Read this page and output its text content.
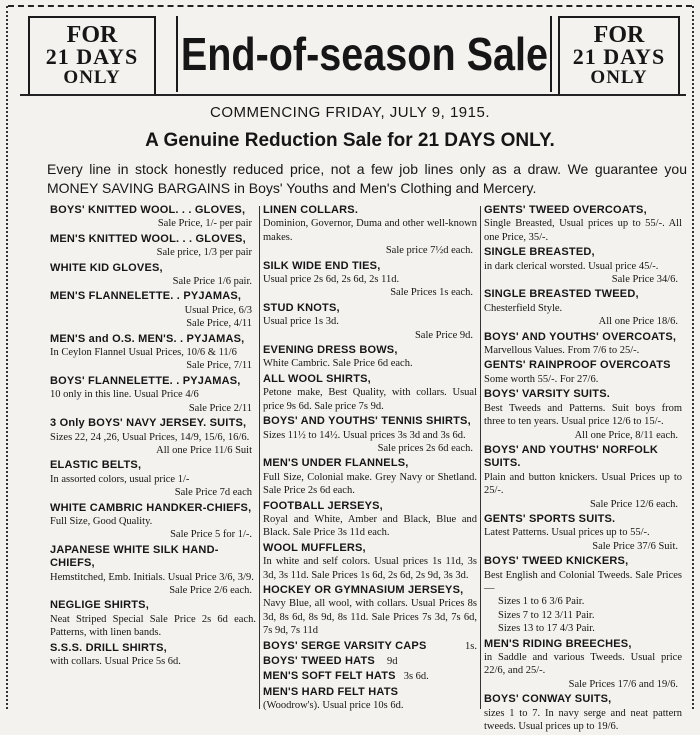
FOR
21 DAYS
ONLY	End-of-season Sale	FOR
21 DAYS
ONLY
COMMENCING FRIDAY, JULY 9, 1915.
A Genuine Reduction Sale for 21 DAYS ONLY.
Every line in stock honestly reduced price, not a few job lines only as a draw. We guarantee you MONEY SAVING BARGAINS in Boys' Youths and Men's Clothing and Mercery.
BOYS' KNITTED WOOL. . . GLOVES,
Sale Price, 1/- per pair
MEN'S KNITTED WOOL. . . GLOVES,
Sale price, 1/3 per pair
WHITE KID GLOVES,
Sale Price 1/6 pair.
MEN'S FLANNELETTE. . PYJAMAS,
Usual Price, 6/3
Sale Price, 4/11
MEN'S and O.S. MEN'S. . PYJAMAS,
In Ceylon Flannel Usual Prices, 10/6 & 11/6
Sale Price, 7/11
BOYS' FLANNELETTE. . PYJAMAS,
10 only in this line. Usual Price 4/6
Sale Price 2/11
3 Only BOYS' NAVY JERSEY. SUITS,
Sizes 22, 24 ,26, Usual Prices, 14/9, 15/6, 16/6.
All one Price 11/6 Suit
ELASTIC BELTS,
In assorted colors, usual price 1/-
Sale Price 7d each
WHITE CAMBRIC HANDKER-CHIEFS,
Full Size, Good Quality.
Sale Price 5 for 1/-.
JAPANESE WHITE SILK HAND-CHIEFS,
Hemstitched, Emb. Initials. Usual Price 3/6, 3/9.
Sale Price 2/6 each.
NEGLIGE SHIRTS,
Neat Striped Special Sale Price 2s 6d each. Patterns, with linen bands.
S.S.S. DRILL SHIRTS,
with collars. Usual Price 5s 6d.
LINEN COLLARS.
Dominion, Governor, Duma and other well-known makes.
Sale price 7½d each.
SILK WIDE END TIES,
Usual price 2s 6d, 2s 6d, 2s 11d.
Sale Prices 1s each.
STUD KNOTS,
Usual price 1s 3d.
Sale Price 9d.
EVENING DRESS BOWS,
White Cambric. Sale Price 6d each.
ALL WOOL SHIRTS,
Petone make, Best Quality, with collars. Usual price 9s 6d. Sale price 7s 9d.
BOYS' AND YOUTHS' TENNIS SHIRTS,
Sizes 11½ to 14½. Usual prices 3s 3d and 3s 6d.
Sale prices 2s 6d each.
MEN'S UNDER FLANNELS,
Full Size, Colonial make. Grey Navy or Shetland. Sale Price 2s 6d each.
FOOTBALL JERSEYS,
Royal and White, Amber and Black, Blue and Black. Sale Price 3s 11d each.
WOOL MUFFLERS,
In white and self colors. Usual prices 1s 11d, 3s 3d, 3s 11d. Sale Prices 1s 6d, 2s 6d, 2s 9d, 3s 3d.
HOCKEY OR GYMNASIUM JERSEYS,
Navy Blue, all wool, with collars. Usual Prices 8s 3d, 8s 6d, 8s 9d, 8s 11d. Sale Prices 7s 3d, 7s 6d, 7s 9d, 7s 11d
BOYS' SERGE VARSITY CAPS	1s.
BOYS' TWEED HATS 9d
MEN'S SOFT FELT HATS 3s 6d.
MEN'S HARD FELT HATS
(Woodrow's). Usual price 10s 6d.
GENTS' TWEED OVERCOATS,
Single Breasted, Usual prices up to 55/-. All one Price, 35/-.
SINGLE BREASTED,
in dark clerical worsted. Usual price 45/-.
Sale Price 34/6.
SINGLE BREASTED TWEED,
Chesterfield Style.
All one Price 18/6.
BOYS' AND YOUTHS' OVERCOATS,
Marvellous Values. From 7/6 to 25/-.
GENTS' RAINPROOF OVERCOATS
Some worth 55/-. For 27/6.
BOYS' VARSITY SUITS.
Best Tweeds and Patterns. Suit boys from three to ten years. Usual price 12/6 to 15/-.
All one Price, 8/11 each.
BOYS' AND YOUTHS' NORFOLK SUITS.
Plain and button knickers. Usual Prices up to 25/-.
Sale Price 12/6 each.
GENTS' SPORTS SUITS.
Latest Patterns. Usual prices up to 55/-.
Sale Price 37/6 Suit.
BOYS' TWEED KNICKERS,
Best English and Colonial Tweeds. Sale Prices—
Sizes 1 to 6 3/6 Pair.
Sizes 7 to 12 3/11 Pair.
Sizes 13 to 17 4/3 Pair.
MEN'S RIDING BREECHES,
in Saddle and various Tweeds. Usual price 22/6, and 25/-.
Sale Prices 17/6 and 19/6.
BOYS' CONWAY SUITS,
sizes 1 to 7. In navy serge and neat pattern tweeds. Usual prices up to 19/6.
